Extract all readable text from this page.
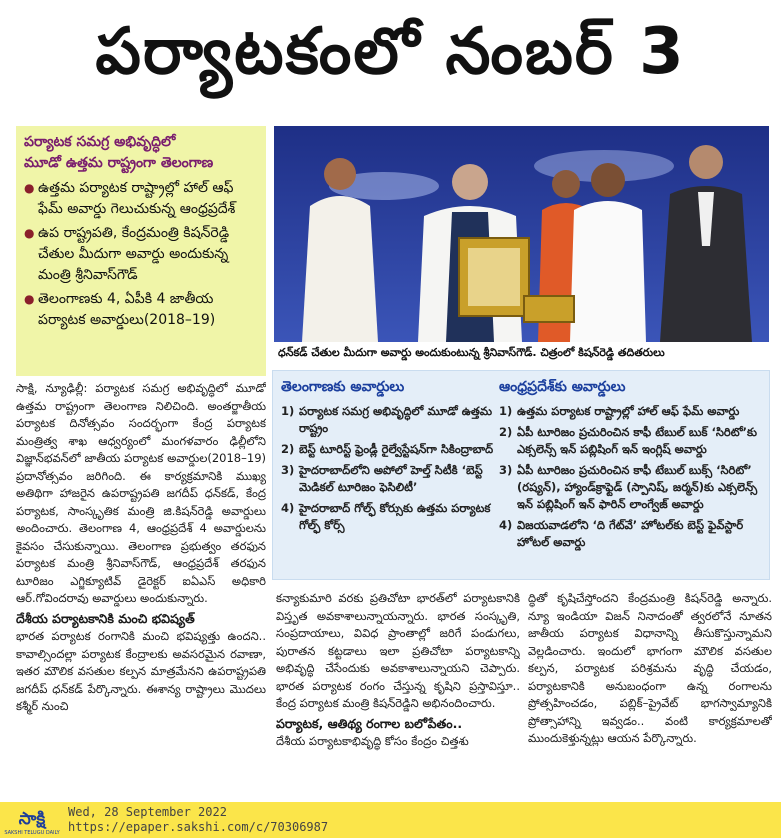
పర్యాటకంలో నంబర్ 3
పర్యాటక సమగ్ర అభివృద్ధిలో
మూడో ఉత్తమ రాష్ట్రంగా తెలంగాణ
● ఉత్తమ పర్యాటక రాష్ట్రాల్లో హాల్ ఆఫ్ ఫేమ్ అవార్డు గెలుచుకున్న ఆంధ్రప్రదేశ్
● ఉప రాష్ట్రపతి, కేంద్రమంత్రి కిషన్‌రెడ్డి చేతుల మీదుగా అవార్డు అందుకున్న మంత్రి శ్రీనివాస్‌గౌడ్
● తెలంగాణకు 4, ఏపీకి 4 జాతీయ పర్యాటక అవార్డులు(2018–19)
ధన్‌కడ్ చేతుల మీదుగా అవార్డు అందుకుంటున్న శ్రీనివాస్‌గౌడ్. చిత్రంలో కిషన్‌రెడ్డి తదితరులు
తెలంగాణకు అవార్డులు
1) పర్యాటక సమగ్ర అభివృద్ధిలో మూడో ఉత్తమ రాష్ట్రం
2) బెస్ట్ టూరిస్ట్ ఫ్రెండ్లీ రైల్వేస్టేషన్‌గా సికింద్రాబాద్
3) హైదరాబాద్‌లోని అపోలో హెల్త్ సిటీకి ‘బెస్ట్ మెడికల్ టూరిజం ఫెసిలిటీ’
4) హైదరాబాద్ గోల్ఫ్ కోర్సుకు ఉత్తమ పర్యాటక గోల్ఫ్ కోర్స్
ఆంధ్రప్రదేశ్‌కు అవార్డులు
1) ఉత్తమ పర్యాటక రాష్ట్రాల్లో హాల్ ఆఫ్ ఫేమ్ అవార్డు
2) ఏపీ టూరిజం ప్రచురించిన కాఫీ టేబుల్ బుక్ ‘సిరిటో’కు ఎక్సలెన్స్ ఇన్ పబ్లిషింగ్ ఇన్ ఇంగ్లిష్ అవార్డు
3) ఏపీ టూరిజం ప్రచురించిన కాఫీ టేబుల్ బుక్స్ ‘సిరిటో’ (రష్యన్), హ్యాండ్‌క్రాఫ్టెడ్ (స్పానిష్, జర్మన్)కు ఎక్సలెన్స్ ఇన్ పబ్లిషింగ్ ఇన్ ఫారిన్ లాంగ్వేజ్ అవార్డు
4) విజయవాడలోని ‘ది గేట్‌వే’ హోటల్‌కు బెస్ట్ ఫైవ్‌స్టార్ హోటల్ అవార్డు

సాక్షి, న్యూఢిల్లీ: పర్యాటక సమగ్ర అభివృద్ధిలో మూడో ఉత్తమ రాష్ట్రంగా తెలంగాణ నిలిచింది. అంతర్జాతీయ పర్యాటక దినోత్సవం సందర్భంగా కేంద్ర పర్యాటక మంత్రిత్వ శాఖ ఆధ్వర్యంలో మంగళవారం ఢిల్లీలోని విజ్ఞాన్‌భవన్‌లో జాతీయ పర్యాటక అవార్డుల(2018–19) ప్రదానోత్సవం జరిగింది. ఈ కార్యక్రమానికి ముఖ్య అతిథిగా హాజరైన ఉపరాష్ట్రపతి జగదీప్ ధన్‌కడ్, కేంద్ర పర్యాటక, సాంస్కృతిక మంత్రి జి.కిషన్‌రెడ్డి అవార్డులు అందించారు. తెలంగాణ 4, ఆంధ్రప్రదేశ్ 4 అవార్డులను కైవసం చేసుకున్నాయి. తెలంగాణ ప్రభుత్వం తరఫున పర్యాటక మంత్రి శ్రీనివాస్‌గౌడ్, ఆంధ్రప్రదేశ్ తరఫున టూరిజం ఎగ్జిక్యూటివ్ డైరెక్టర్ ఐఏఎస్ అధికారి ఆర్.గోవిందరావు అవార్డులు అందుకున్నారు.

దేశీయ పర్యాటకానికి మంచి భవిష్యత్

భారత పర్యాటక రంగానికి మంచి భవిష్యత్తు ఉందని.. కావాల్సిందల్లా పర్యాటక కేంద్రాలకు అవసరమైన రవాణా, ఇతర మౌలిక వసతుల కల్పన మాత్రమేనని ఉపరాష్ట్రపతి జగదీప్ ధన్‌కడ్ పేర్కొన్నారు. ఈశాన్య రాష్ట్రాలు మొదలు కశ్మీర్ నుంచి

కన్యాకుమారి వరకు ప్రతిచోటా భారత్‌లో పర్యాటకానికి విస్తృత అవకాశాలున్నాయన్నారు. భారత సంస్కృతి, సంప్రదాయాలు, వివిధ ప్రాంతాల్లో జరిగే పండుగలు, పురాతన కట్టడాలు ఇలా ప్రతిచోటా పర్యాటకాన్ని అభివృద్ధి చేసేందుకు అవకాశాలున్నాయని చెప్పారు. భారత పర్యాటక రంగం చేస్తున్న కృషిని ప్రస్తావిస్తూ.. కేంద్ర పర్యాటక మంత్రి కిషన్‌రెడ్డిని అభినందించారు.

పర్యాటక, ఆతిథ్య రంగాల బలోపేతం..

దేశీయ పర్యాటకాభివృద్ధి కోసం కేంద్రం చిత్తశు

ద్ధితో కృషిచేస్తోందని కేంద్రమంత్రి కిషన్‌రెడ్డి అన్నారు. న్యూ ఇండియా విజన్ నినాదంతో త్వరలోనే నూతన జాతీయ పర్యాటక విధానాన్ని తీసుకొస్తున్నామని వెల్లడించారు. ఇందులో భాగంగా మౌలిక వసతుల కల్పన, పర్యాటక పరిశ్రమను వృద్ధి చేయడం, పర్యాటకానికి అనుబంధంగా ఉన్న రంగాలను ప్రోత్సహించడం, పబ్లిక్–ప్రైవేట్ భాగస్వామ్యానికి ప్రోత్సాహాన్ని ఇవ్వడం.. వంటి కార్యక్రమాలతో ముందుకెళ్తున్నట్లు ఆయన పేర్కొన్నారు.

సాక్షి
SAKSHI TELUGU DAILY
Wed, 28 September 2022
https://epaper.sakshi.com/c/70306987
